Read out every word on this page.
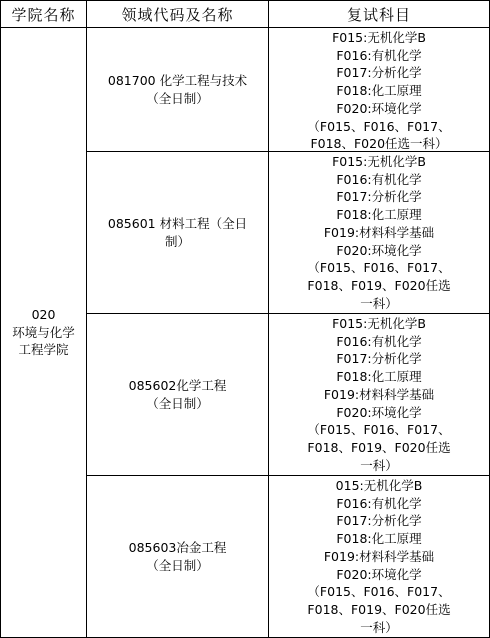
学院名称	领域代码及名称	复试科目
020
环境与化学
工程学院
081700 化学工程与技术
（全日制）
F015:无机化学B
F016:有机化学
F017:分析化学
F018:化工原理
F020:环境化学
（F015、F016、F017、
F018、F020任选一科）
085601 材料工程（全日
制）
F015:无机化学B
F016:有机化学
F017:分析化学
F018:化工原理
F019:材料科学基础
F020:环境化学
（F015、F016、F017、
F018、F019、F020任选
一科）
085602化学工程
（全日制）
F015:无机化学B
F016:有机化学
F017:分析化学
F018:化工原理
F019:材料科学基础
F020:环境化学
（F015、F016、F017、
F018、F019、F020任选
一科）
085603冶金工程
（全日制）
015:无机化学B
F016:有机化学
F017:分析化学
F018:化工原理
F019:材料科学基础
F020:环境化学
（F015、F016、F017、
F018、F019、F020任选
一科）
